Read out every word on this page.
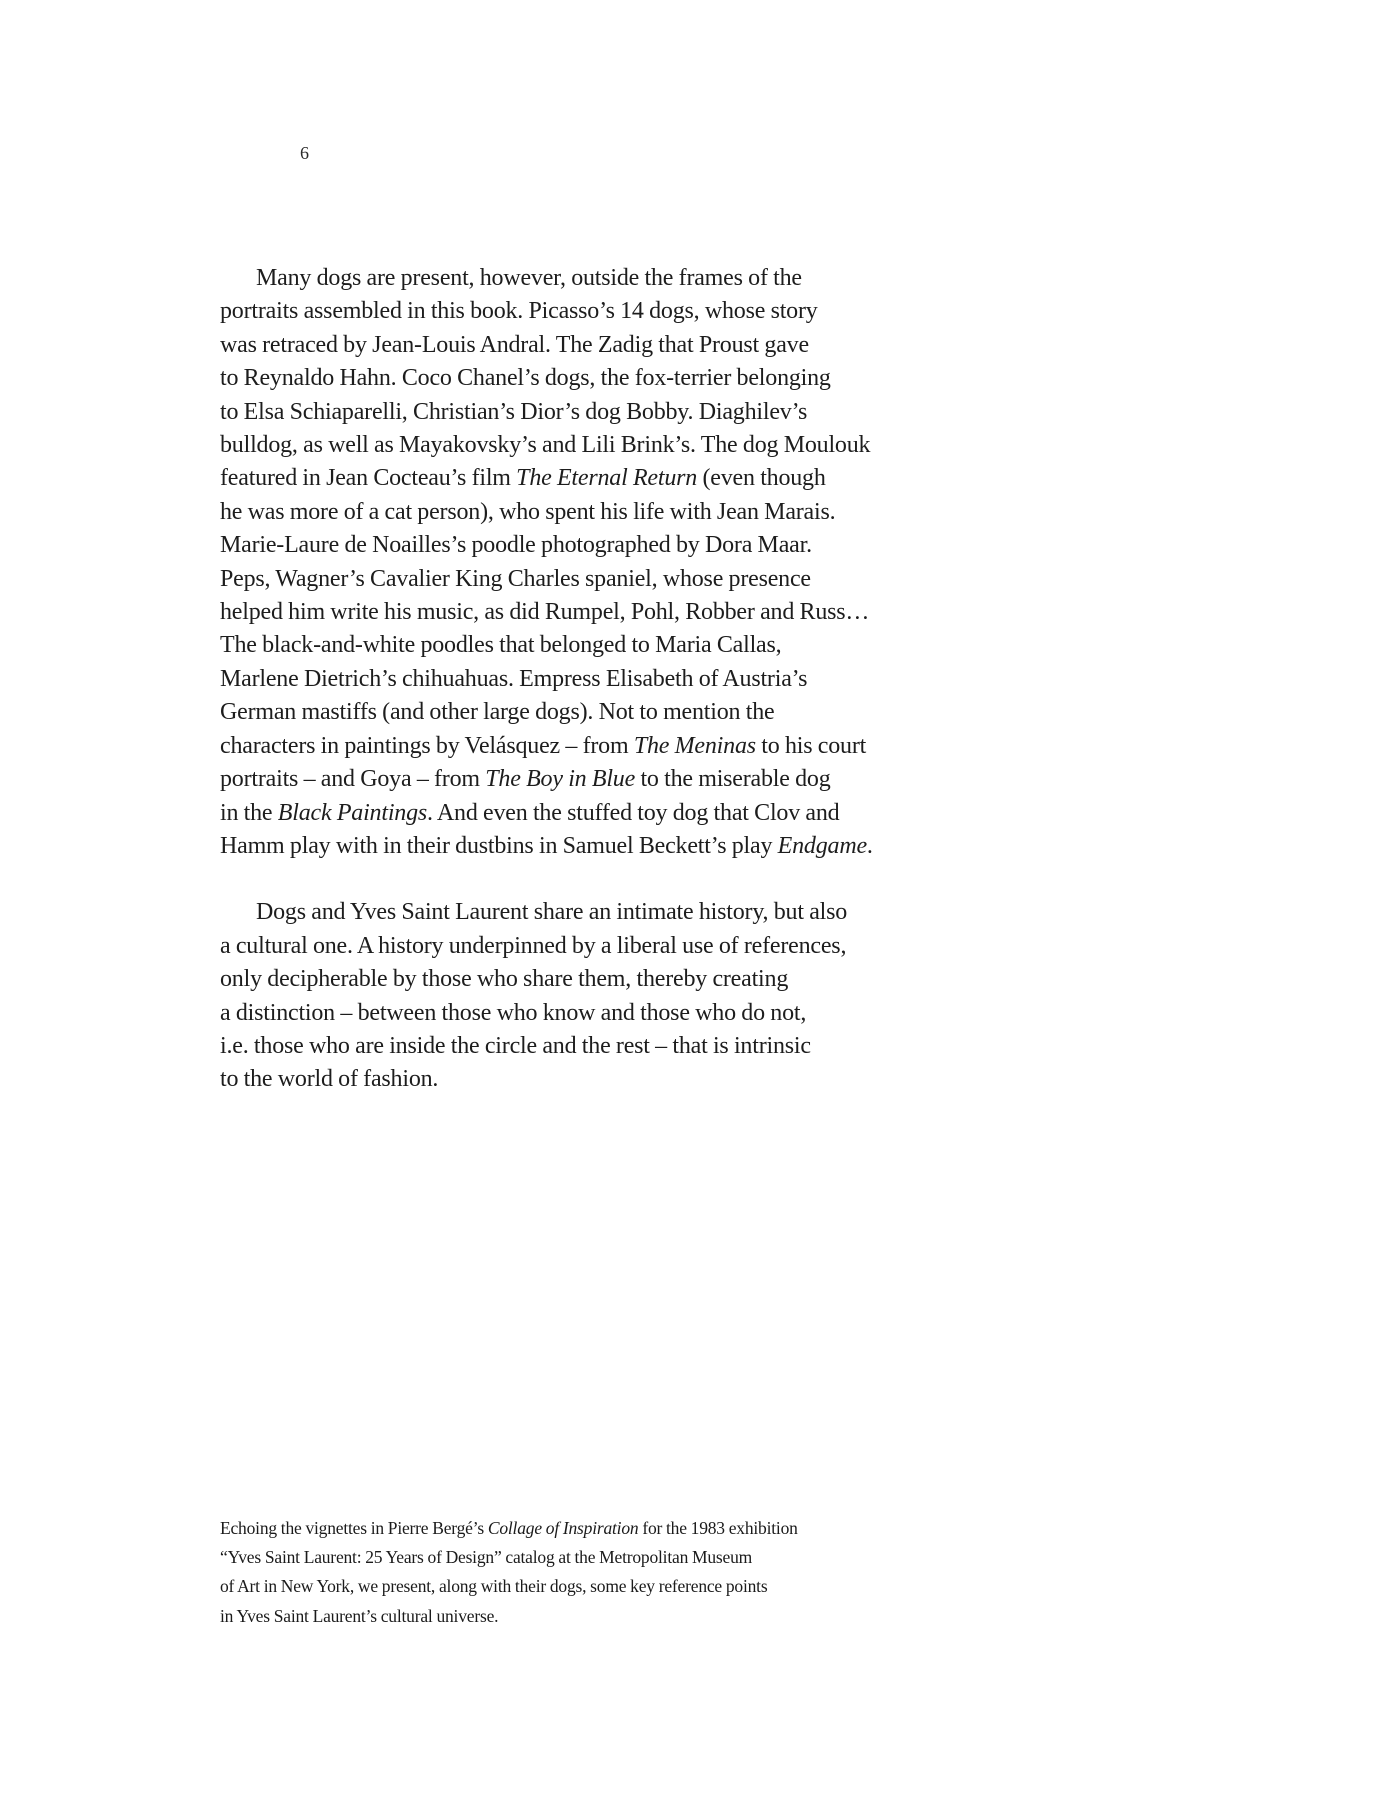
6
Many dogs are present, however, outside the frames of the
portraits assembled in this book. Picasso’s 14 dogs, whose story
was retraced by Jean-Louis Andral. The Zadig that Proust gave
to Reynaldo Hahn. Coco Chanel’s dogs, the fox-terrier belonging
to Elsa Schiaparelli, Christian’s Dior’s dog Bobby. Diaghilev’s
bulldog, as well as Mayakovsky’s and Lili Brink’s. The dog Moulouk
featured in Jean Cocteau’s film The Eternal Return (even though
he was more of a cat person), who spent his life with Jean Marais.
Marie-Laure de Noailles’s poodle photographed by Dora Maar.
Peps, Wagner’s Cavalier King Charles spaniel, whose presence
helped him write his music, as did Rumpel, Pohl, Robber and Russ…
The black-and-white poodles that belonged to Maria Callas,
Marlene Dietrich’s chihuahuas. Empress Elisabeth of Austria’s
German mastiffs (and other large dogs). Not to mention the
characters in paintings by Velásquez – from The Meninas to his court
portraits – and Goya – from The Boy in Blue to the miserable dog
in the Black Paintings. And even the stuffed toy dog that Clov and
Hamm play with in their dustbins in Samuel Beckett’s play Endgame.
Dogs and Yves Saint Laurent share an intimate history, but also
a cultural one. A history underpinned by a liberal use of references,
only decipherable by those who share them, thereby creating
a distinction – between those who know and those who do not,
i.e. those who are inside the circle and the rest – that is intrinsic
to the world of fashion.
Echoing the vignettes in Pierre Bergé’s Collage of Inspiration for the 1983 exhibition
“Yves Saint Laurent: 25 Years of Design” catalog at the Metropolitan Museum
of Art in New York, we present, along with their dogs, some key reference points
in Yves Saint Laurent’s cultural universe.
